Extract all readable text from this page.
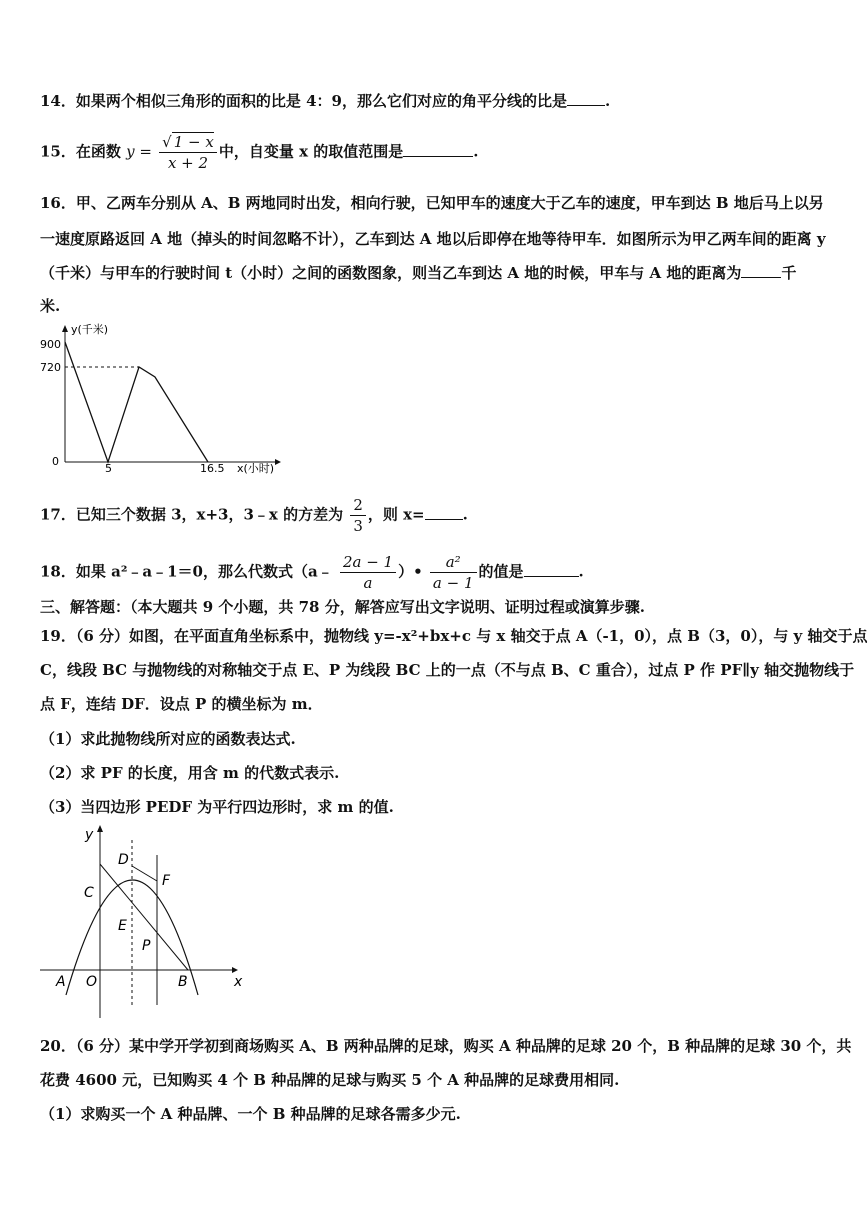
14．如果两个相似三角形的面积的比是 4：9，那么它们对应的角平分线的比是	.
15．在函数 $y = \frac{√ 1 - x}{x + 2}$ 中，自变量 x 的取值范围是	.
16．甲、乙两车分别从 A、B 两地同时出发，相向行驶，已知甲车的速度大于乙车的速度，甲车到达 B 地后马上以另
一速度原路返回 A 地（掉头的时间忽略不计），乙车到达 A 地以后即停在地等待甲车．如图所示为甲乙两车间的距离 y
（千米）与甲车的行驶时间 t（小时）之间的函数图象，则当乙车到达 A 地的时候，甲车与 A 地的距离为	千
米.
y(千米)
x(小时)
900
720
0
5	16.5
17．已知三个数据 3，x+3，3﹣x 的方差为 $\frac{2}{3}$ ，则 x=	.
18．如果 a²﹣a﹣1＝0，那么代数式（a﹣ $\frac{2a - 1}{a}$ ）• $\frac{\text{a²}}{a - 1}$ 的值是	.
三、解答题：（本大题共 9 个小题，共 78 分，解答应写出文字说明、证明过程或演算步骤.
19．（6 分）如图，在平面直角坐标系中，抛物线 y=-x²+bx+c 与 x 轴交于点 A（-1，0），点 B（3，0），与 y 轴交于点
C，线段 BC 与抛物线的对称轴交于点 E、P 为线段 BC 上的一点（不与点 B、C 重合），过点 P 作 PF∥y 轴交抛物线于
点 F，连结 DF．设点 P 的横坐标为 m．
（1）求此抛物线所对应的函数表达式.
（2）求 PF 的长度，用含 m 的代数式表示.
（3）当四边形 PEDF 为平行四边形时，求 m 的值.
y
x
D
F
C
E
P
A O	B
20．（6 分）某中学开学初到商场购买 A、B 两种品牌的足球，购买 A 种品牌的足球 20 个，B 种品牌的足球 30 个，共
花费 4600 元，已知购买 4 个 B 种品牌的足球与购买 5 个 A 种品牌的足球费用相同.
（1）求购买一个 A 种品牌、一个 B 种品牌的足球各需多少元.
